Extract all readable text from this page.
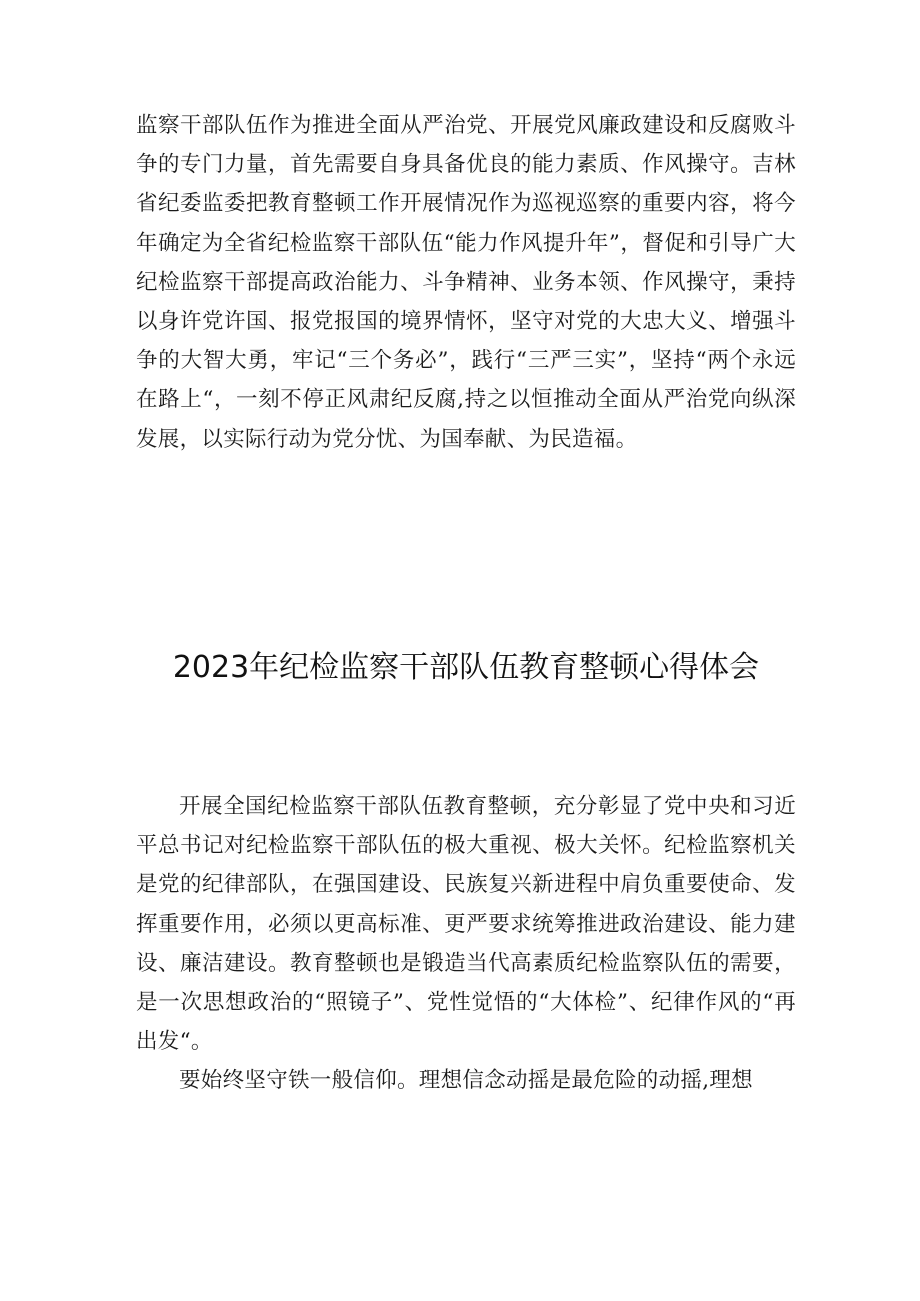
监察干部队伍作为推进全面从严治党、开展党风廉政建设和反腐败斗争的专门力量，首先需要自身具备优良的能力素质、作风操守。吉林省纪委监委把教育整顿工作开展情况作为巡视巡察的重要内容，将今年确定为全省纪检监察干部队伍“能力作风提升年”，督促和引导广大纪检监察干部提高政治能力、斗争精神、业务本领、作风操守，秉持以身许党许国、报党报国的境界情怀，坚守对党的大忠大义、增强斗争的大智大勇，牢记“三个务必”，践行“三严三实”，坚持“两个永远在路上“，一刻不停正风肃纪反腐,持之以恒推动全面从严治党向纵深发展，以实际行动为党分忧、为国奉献、为民造福。

2023年纪检监察干部队伍教育整顿心得体会

开展全国纪检监察干部队伍教育整顿，充分彰显了党中央和习近平总书记对纪检监察干部队伍的极大重视、极大关怀。纪检监察机关是党的纪律部队，在强国建设、民族复兴新进程中肩负重要使命、发挥重要作用，必须以更高标准、更严要求统筹推进政治建设、能力建设、廉洁建设。教育整顿也是锻造当代高素质纪检监察队伍的需要，是一次思想政治的“照镜子”、党性觉悟的“大体检”、纪律作风的“再出发“。

要始终坚守铁一般信仰。理想信念动摇是最危险的动摇,理想
